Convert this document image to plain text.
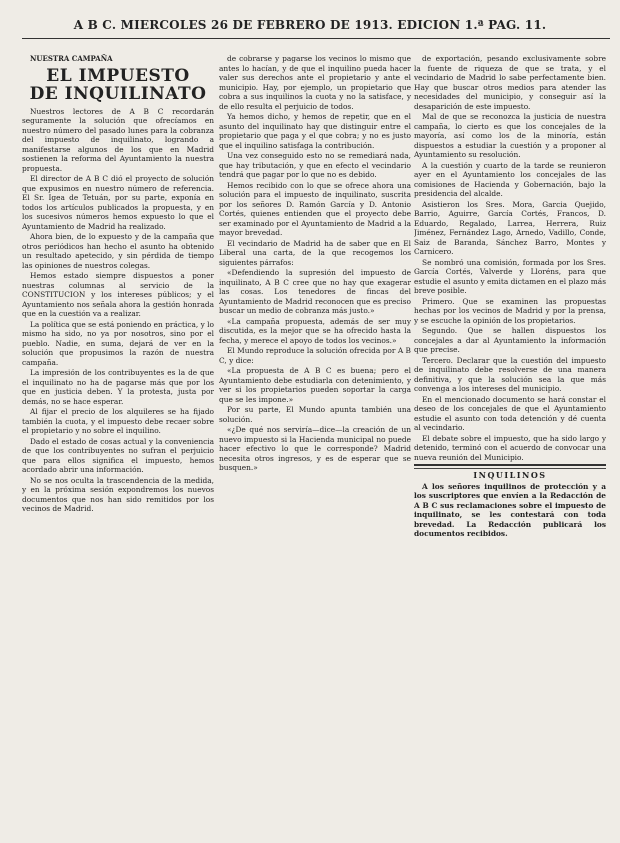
A B C. MIERCOLES 26 DE FEBRERO DE 1913. EDICION 1.ª PAG. 11.

NUESTRA CAMPAÑA

EL IMPUESTO
DE INQUILINATO

Nuestros lectores de A B C recordarán seguramente la solución que ofrecíamos en nuestro número del pasado lunes para la cobranza del impuesto de inquilinato, logrando a manifestarse algunos de los que en Madrid sostienen la reforma del Ayuntamiento la nuestra propuesta.

El director de A B C dió el proyecto de solución que expusimos en nuestro número de referencia. El Sr. Igea de Tetuán, por su parte, exponía en todos los artículos publicados la propuesta, y en los sucesivos números hemos expuesto lo que el Ayuntamiento de Madrid ha realizado.

Ahora bien, de lo expuesto y de la campaña que otros periódicos han hecho el asunto ha obtenido un resultado apetecido, y sin pérdida de tiempo las opiniones de nuestros colegas.

Hemos estado siempre dispuestos a poner nuestras columnas al servicio de la CONSTITUCION y los intereses públicos; y el Ayuntamiento nos señala ahora la gestión honrada que en la cuestión va a realizar.

La política que se está poniendo en práctica, y lo mismo ha sido, no ya por nosotros, sino por el pueblo. Nadie, en suma, dejará de ver en la solución que propusimos la razón de nuestra campaña.

La impresión de los contribuyentes es la de que el inquilinato no ha de pagarse más que por los que en justicia deben. Y la protesta, justa por demás, no se hace esperar.

Al fijar el precio de los alquileres se ha fijado también la cuota, y el impuesto debe recaer sobre el propietario y no sobre el inquilino.

Dado el estado de cosas actual y la conveniencia de que los contribuyentes no sufran el perjuicio que para ellos significa el impuesto, hemos acordado abrir una información.

No se nos oculta la trascendencia de la medida, y en la próxima sesión expondremos los nuevos documentos que nos han sido remitidos por los vecinos de Madrid.

de cobrarse y pagarse los vecinos lo mismo que antes lo hacían, y de que el inquilino pueda hacer valer sus derechos ante el propietario y ante el municipio. Hay, por ejemplo, un propietario que cobra a sus inquilinos la cuota y no la satisface, y de ello resulta el perjuicio de todos.

Ya hemos dicho, y hemos de repetir, que en el asunto del inquilinato hay que distinguir entre el propietario que paga y el que cobra; y no es justo que el inquilino satisfaga la contribución.

Una vez conseguido esto no se remediará nada, que hay tributación, y que en efecto el vecindario tendrá que pagar por lo que no es debido.

Hemos recibido con lo que se ofrece ahora una solución para el impuesto de inquilinato, suscrita por los señores D. Ramón García y D. Antonio Cortés, quienes entienden que el proyecto debe ser examinado por el Ayuntamiento de Madrid a la mayor brevedad.

El vecindario de Madrid ha de saber que en El Liberal una carta, de la que recogemos los siguientes párrafos:

«Defendiendo la supresión del impuesto de inquilinato, A B C cree que no hay que exagerar las cosas. Los tenedores de fincas del Ayuntamiento de Madrid reconocen que es preciso buscar un medio de cobranza más justo.»

«La campaña propuesta, además de ser muy discutida, es la mejor que se ha ofrecido hasta la fecha, y merece el apoyo de todos los vecinos.»

El Mundo reproduce la solución ofrecida por A B C, y dice:

«La propuesta de A B C es buena; pero el Ayuntamiento debe estudiarla con detenimiento, y ver si los propietarios pueden soportar la carga que se les impone.»

Por su parte, El Mundo apunta también una solución.

«¿De qué nos serviría—dice—la creación de un nuevo impuesto si la Hacienda municipal no puede hacer efectivo lo que le corresponde? Madrid necesita otros ingresos, y es de esperar que se busquen.»

de exportación, pesando exclusivamente sobre la fuente de riqueza de que se trata, y el vecindario de Madrid lo sabe perfectamente bien. Hay que buscar otros medios para atender las necesidades del municipio, y conseguir así la desaparición de este impuesto.

Mal de que se reconozca la justicia de nuestra campaña, lo cierto es que los concejales de la mayoría, así como los de la minoría, están dispuestos a estudiar la cuestión y a proponer al Ayuntamiento su resolución.

A la cuestión y cuarto de la tarde se reunieron ayer en el Ayuntamiento los concejales de las comisiones de Hacienda y Gobernación, bajo la presidencia del alcalde.

Asistieron los Sres. Mora, Garcia Quejido, Barrio, Aguirre, García Cortés, Francos, D. Eduardo, Regalado, Larrea, Herrera, Ruiz Jiménez, Fernández Lago, Arnedo, Vadillo, Conde, Saiz de Baranda, Sánchez Barro, Montes y Carnicero.

Se nombró una comisión, formada por los Sres. García Cortés, Valverde y Lloréns, para que estudie el asunto y emita dictamen en el plazo más breve posible.

Primero. Que se examinen las propuestas hechas por los vecinos de Madrid y por la prensa, y se escuche la opinión de los propietarios.

Segundo. Que se hallen dispuestos los concejales a dar al Ayuntamiento la información que precise.

Tercero. Declarar que la cuestión del impuesto de inquilinato debe resolverse de una manera definitiva, y que la solución sea la que más convenga a los intereses del municipio.

En el mencionado documento se hará constar el deseo de los concejales de que el Ayuntamiento estudie el asunto con toda detención y dé cuenta al vecindario.

El debate sobre el impuesto, que ha sido largo y detenido, terminó con el acuerdo de convocar una nueva reunión del Municipio.

INQUILINOS

A los señores inquilinos de protección y a los suscriptores que envíen a la Redacción de A B C sus reclamaciones sobre el impuesto de inquilinato, se les contestará con toda brevedad. La Redacción publicará los documentos recibidos.
